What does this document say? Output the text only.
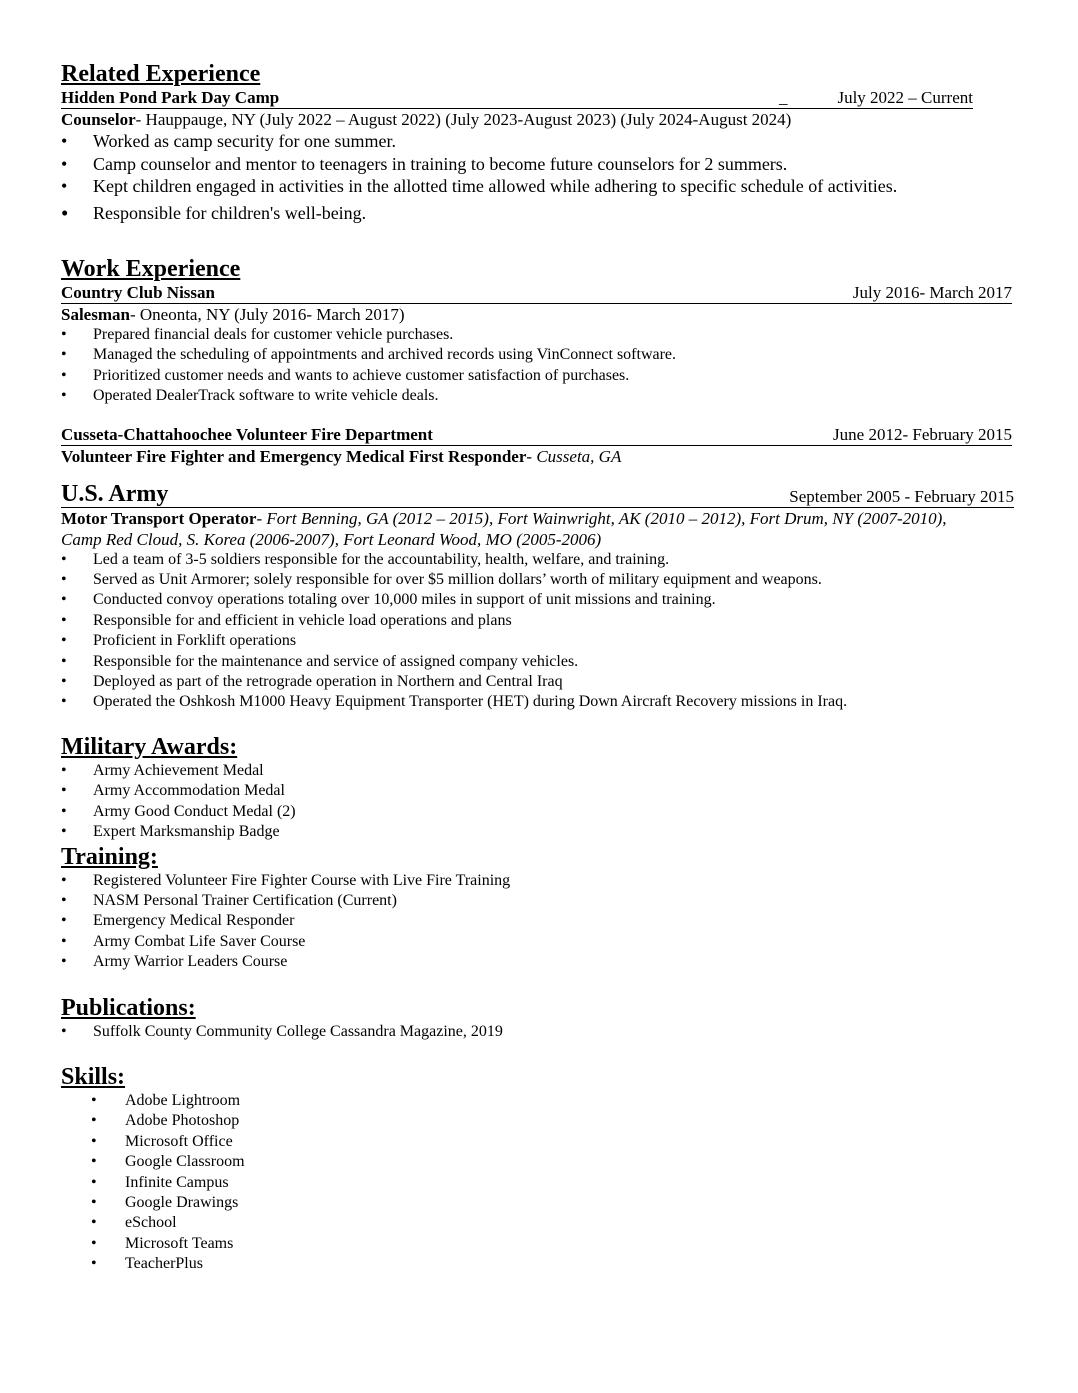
Related Experience
Hidden Pond Park Day Camp	_	July 2022 – Current
Counselor- Hauppauge, NY (July 2022 – August 2022) (July 2023-August 2023) (July 2024-August 2024)
• Worked as camp security for one summer.
• Camp counselor and mentor to teenagers in training to become future counselors for 2 summers.
• Kept children engaged in activities in the allotted time allowed while adhering to specific schedule of activities.
• Responsible for children's well-being.
Work Experience
Country Club Nissan	July 2016- March 2017
Salesman- Oneonta, NY (July 2016- March 2017)
• Prepared financial deals for customer vehicle purchases.
• Managed the scheduling of appointments and archived records using VinConnect software.
• Prioritized customer needs and wants to achieve customer satisfaction of purchases.
• Operated DealerTrack software to write vehicle deals.
Cusseta-Chattahoochee Volunteer Fire Department	June 2012- February 2015
Volunteer Fire Fighter and Emergency Medical First Responder- Cusseta, GA
U.S. Army	September 2005 - February 2015
Motor Transport Operator- Fort Benning, GA (2012 – 2015), Fort Wainwright, AK (2010 – 2012), Fort Drum, NY (2007-2010),
Camp Red Cloud, S. Korea (2006-2007), Fort Leonard Wood, MO (2005-2006)
• Led a team of 3-5 soldiers responsible for the accountability, health, welfare, and training.
• Served as Unit Armorer; solely responsible for over $5 million dollars’ worth of military equipment and weapons.
• Conducted convoy operations totaling over 10,000 miles in support of unit missions and training.
• Responsible for and efficient in vehicle load operations and plans
• Proficient in Forklift operations
• Responsible for the maintenance and service of assigned company vehicles.
• Deployed as part of the retrograde operation in Northern and Central Iraq
• Operated the Oshkosh M1000 Heavy Equipment Transporter (HET) during Down Aircraft Recovery missions in Iraq.
Military Awards:
• Army Achievement Medal
• Army Accommodation Medal
• Army Good Conduct Medal (2)
• Expert Marksmanship Badge
Training:
• Registered Volunteer Fire Fighter Course with Live Fire Training
• NASM Personal Trainer Certification (Current)
• Emergency Medical Responder
• Army Combat Life Saver Course
• Army Warrior Leaders Course
Publications:
• Suffolk County Community College Cassandra Magazine, 2019
Skills:
• Adobe Lightroom
• Adobe Photoshop
• Microsoft Office
• Google Classroom
• Infinite Campus
• Google Drawings
• eSchool
• Microsoft Teams
• TeacherPlus
